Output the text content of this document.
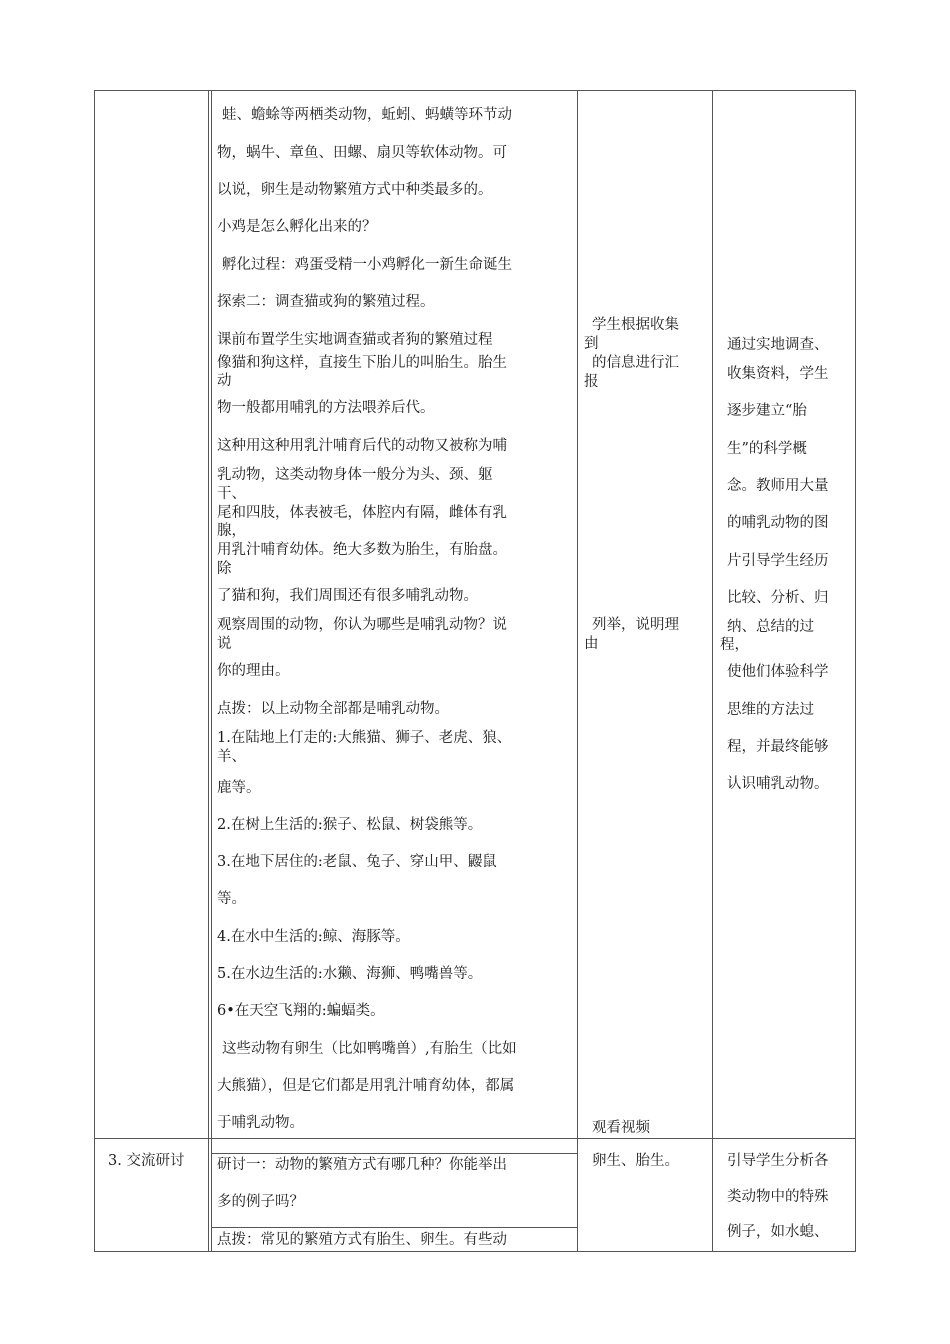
蛙、蟾蜍等两栖类动物，蚯蚓、蚂蟥等环节动
物，蜗牛、章鱼、田螺、扇贝等软体动物。可
以说，卵生是动物繁殖方式中种类最多的。
小鸡是怎么孵化出来的？
孵化过程：鸡蛋受精一小鸡孵化一新生命诞生
探索二：调查猫或狗的繁殖过程。
课前布置学生实地调查猫或者狗的繁殖过程
像猫和狗这样，直接生下胎儿的叫胎生。胎生
动
物一般都用哺乳的方法喂养后代。
这种用这种用乳汁哺育后代的动物又被称为哺
乳动物，这类动物身体一般分为头、颈、躯
干、
尾和四肢，体表被毛，体腔内有隔，雌体有乳
腺，
用乳汁哺育幼体。绝大多数为胎生，有胎盘。
除
了猫和狗，我们周围还有很多哺乳动物。
观察周围的动物，你认为哪些是哺乳动物？说
说
你的理由。
点拨：以上动物全部都是哺乳动物。
1.在陆地上仃走的:大熊猫、狮子、老虎、狼、
羊、
鹿等。
2.在树上生活的:猴子、松鼠、树袋熊等。
3.在地下居住的:老鼠、兔子、穿山甲、鼹鼠
等。
4.在水中生活的:鲸、海豚等。
5.在水边生活的:水獭、海狮、鸭嘴兽等。
6•在天空飞翔的:蝙蝠类。
这些动物有卵生（比如鸭嘴兽）,有胎生（比如
大熊猫），但是它们都是用乳汁哺育幼体，都属
于哺乳动物。
学生根据收集
到
的信息进行汇
报
列举，说明理
由
观看视频
通过实地调查、
收集资料，学生
逐步建立“胎
生”的科学概
念。教师用大量
的哺乳动物的图
片引导学生经历
比较、分析、归
纳、总结的过
程，
使他们体验科学
思维的方法过
程，并最终能够
认识哺乳动物。
3. 交流研讨 研讨一：动物的繁殖方式有哪几种？你能举出
多的例子吗？
点拨：常见的繁殖方式有胎生、卵生。有些动
卵生、胎生。	引导学生分析各
类动物中的特殊
例子，如水螅、
